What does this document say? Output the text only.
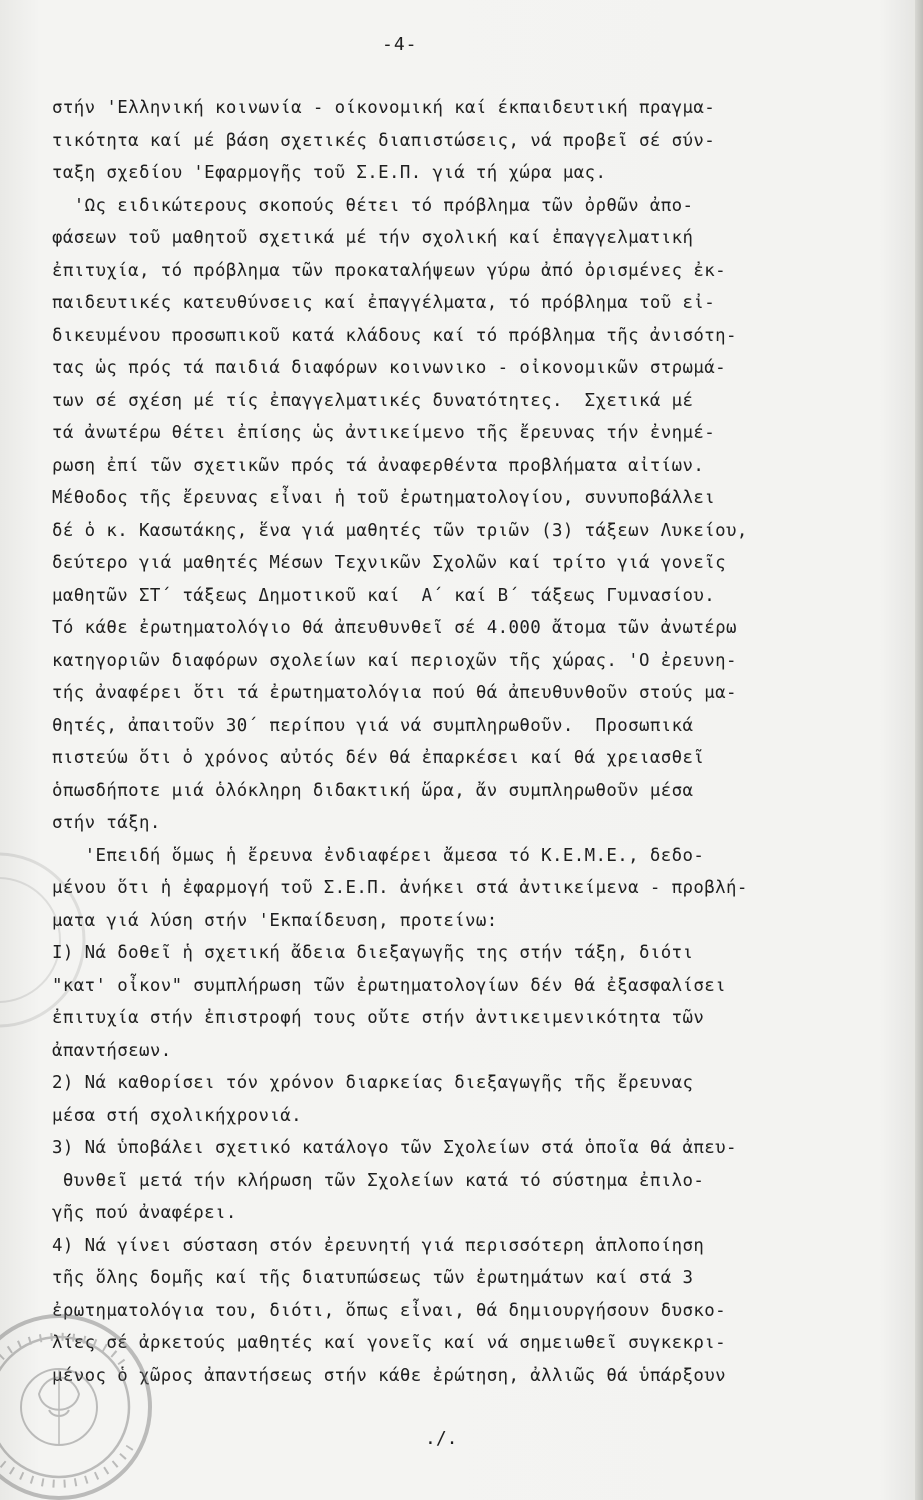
-4-
στήν 'Ελληνική κοινωνία - οίκονομική καί έκπαιδευτική πραγμα-
τικότητα καί μέ βάση σχετικές διαπιστώσεις, νά προβεῖ σέ σύν-
ταξη σχεδίου 'Εφαρμογῆς τοῦ Σ.Ε.Π. γιά τή χώρα μας.
'Ως ειδικώτερους σκοπούς θέτει τό πρόβλημα τῶν ὀρθῶν ἀπο-
φάσεων τοῦ μαθητοῦ σχετικά μέ τήν σχολική καί ἐπαγγελματική
ἐπιτυχία, τό πρόβλημα τῶν προκαταλήψεων γύρω ἀπό ὀρισμένες ἐκ-
παιδευτικές κατευθύνσεις καί ἐπαγγέλματα, τό πρόβλημα τοῦ εἰ-
δικευμένου προσωπικοῦ κατά κλάδους καί τό πρόβλημα τῆς ἀνισότη-
τας ὡς πρός τά παιδιά διαφόρων κοινωνικο - οἰκονομικῶν στρωμά-
των σέ σχέση μέ τίς ἐπαγγελματικές δυνατότητες.  Σχετικά μέ
τά ἀνωτέρω θέτει ἐπίσης ὡς ἀντικείμενο τῆς ἔρευνας τήν ἐνημέ-
ρωση ἐπί τῶν σχετικῶν πρός τά ἀναφερθέντα προβλήματα αἰτίων.
Μέθοδος τῆς ἔρευνας εἶναι ἡ τοῦ ἐρωτηματολογίου, συνυποβάλλει
δέ ὁ κ. Κασωτάκης, ἕνα γιά μαθητές τῶν τριῶν (3) τάξεων Λυκείου,
δεύτερο γιά μαθητές Μέσων Τεχνικῶν Σχολῶν καί τρίτο γιά γονεῖς
μαθητῶν ΣΤ΄ τάξεως Δημοτικοῦ καί  Α΄ καί Β΄ τάξεως Γυμνασίου.
Τό κάθε ἐρωτηματολόγιο θά ἀπευθυνθεῖ σέ 4.000 ἄτομα τῶν ἀνωτέρω
κατηγοριῶν διαφόρων σχολείων καί περιοχῶν τῆς χώρας. 'Ο ἐρευνη-
τής ἀναφέρει ὅτι τά ἐρωτηματολόγια πού θά ἀπευθυνθοῦν στούς μα-
θητές, ἀπαιτοῦν 30΄ περίπου γιά νά συμπληρωθοῦν.  Προσωπικά
πιστεύω ὅτι ὁ χρόνος αὐτός δέν θά ἐπαρκέσει καί θά χρειασθεῖ
ὁπωσδήποτε μιά ὁλόκληρη διδακτική ὥρα, ἄν συμπληρωθοῦν μέσα
στήν τάξη.
'Επειδή ὅμως ἡ ἔρευνα ἐνδιαφέρει ἄμεσα τό Κ.Ε.Μ.Ε., δεδο-
μένου ὅτι ἡ ἐφαρμογή τοῦ Σ.Ε.Π. ἀνήκει στά ἀντικείμενα - προβλή-
ματα γιά λύση στήν 'Εκπαίδευση, προτείνω:
I) Νά δοθεῖ ἡ σχετική ἄδεια διεξαγωγῆς της στήν τάξη, διότι
"κατ' οἶκον" συμπλήρωση τῶν ἐρωτηματολογίων δέν θά ἐξασφαλίσει
ἐπιτυχία στήν ἐπιστροφή τους οὔτε στήν ἀντικειμενικότητα τῶν
ἀπαντήσεων.
2) Νά καθορίσει τόν χρόνον διαρκείας διεξαγωγῆς τῆς ἔρευνας
μέσα στή σχολικήχρονιά.
3) Νά ὑποβάλει σχετικό κατάλογο τῶν Σχολείων στά ὁποῖα θά ἀπευ-
θυνθεῖ μετά τήν κλήρωση τῶν Σχολείων κατά τό σύστημα ἐπιλο-
γῆς πού ἀναφέρει.
4) Νά γίνει σύσταση στόν ἐρευνητή γιά περισσότερη ἁπλοποίηση
τῆς ὅλης δομῆς καί τῆς διατυπώσεως τῶν ἐρωτημάτων καί στά 3
ἐρωτηματολόγια του, διότι, ὅπως εἶναι, θά δημιουργήσουν δυσκο-
λίες σέ ἀρκετούς μαθητές καί γονεῖς καί νά σημειωθεῖ συγκεκρι-
μένος ὁ χῶρος ἀπαντήσεως στήν κάθε ἐρώτηση, ἀλλιῶς θά ὑπάρξουν
./.
